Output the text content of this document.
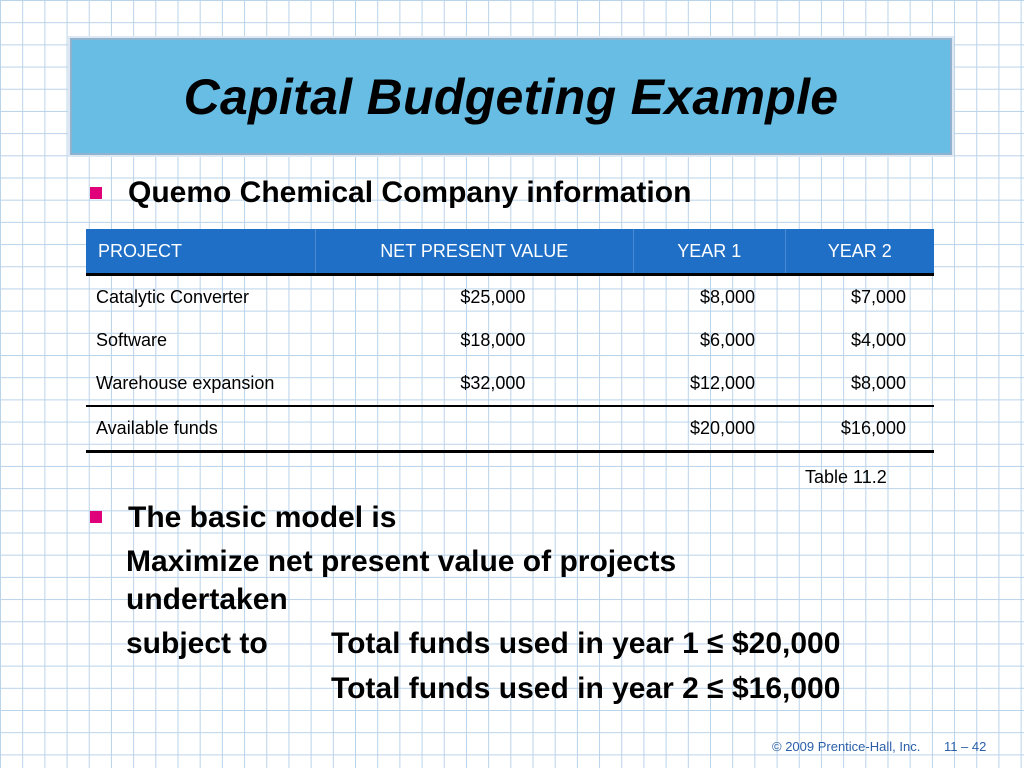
Capital Budgeting Example
Quemo Chemical Company information
PROJECT	NET PRESENT VALUE	YEAR 1	YEAR 2
Catalytic Converter	$25,000	$8,000	$7,000
Software	$18,000	$6,000	$4,000
Warehouse expansion	$32,000	$12,000	$8,000
Available funds		$20,000	$16,000
Table 11.2
The basic model is
Maximize net present value of projects
undertaken
subject to Total funds used in year 1 ≤ $20,000
Total funds used in year 2 ≤ $16,000
© 2009 Prentice-Hall, Inc. 11 – 42
